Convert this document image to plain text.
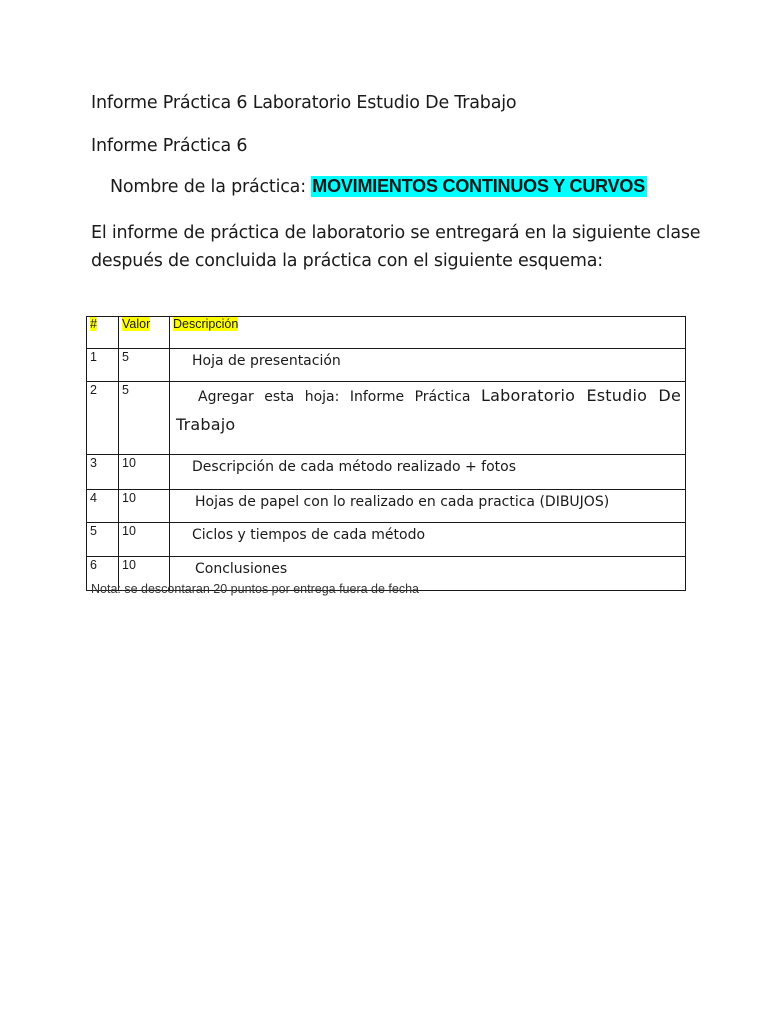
Informe Práctica 6 Laboratorio Estudio De Trabajo
Informe Práctica 6
Nombre de la práctica: MOVIMIENTOS CONTINUOS Y CURVOS
El informe de práctica de laboratorio se entregará en la siguiente clase
después de concluida la práctica con el siguiente esquema:
#	Valor	Descripción
1	5	Hoja de presentación

2	5	Agregar esta hoja: Informe Práctica Laboratorio Estudio De Trabajo

3	10	Descripción de cada método realizado + fotos

4	10	Hojas de papel con lo realizado en cada practica (DIBUJOS)

5	10	Ciclos y tiempos de cada método

6	10	Conclusiones
Nota: se descontaran 20 puntos por entrega fuera de fecha
